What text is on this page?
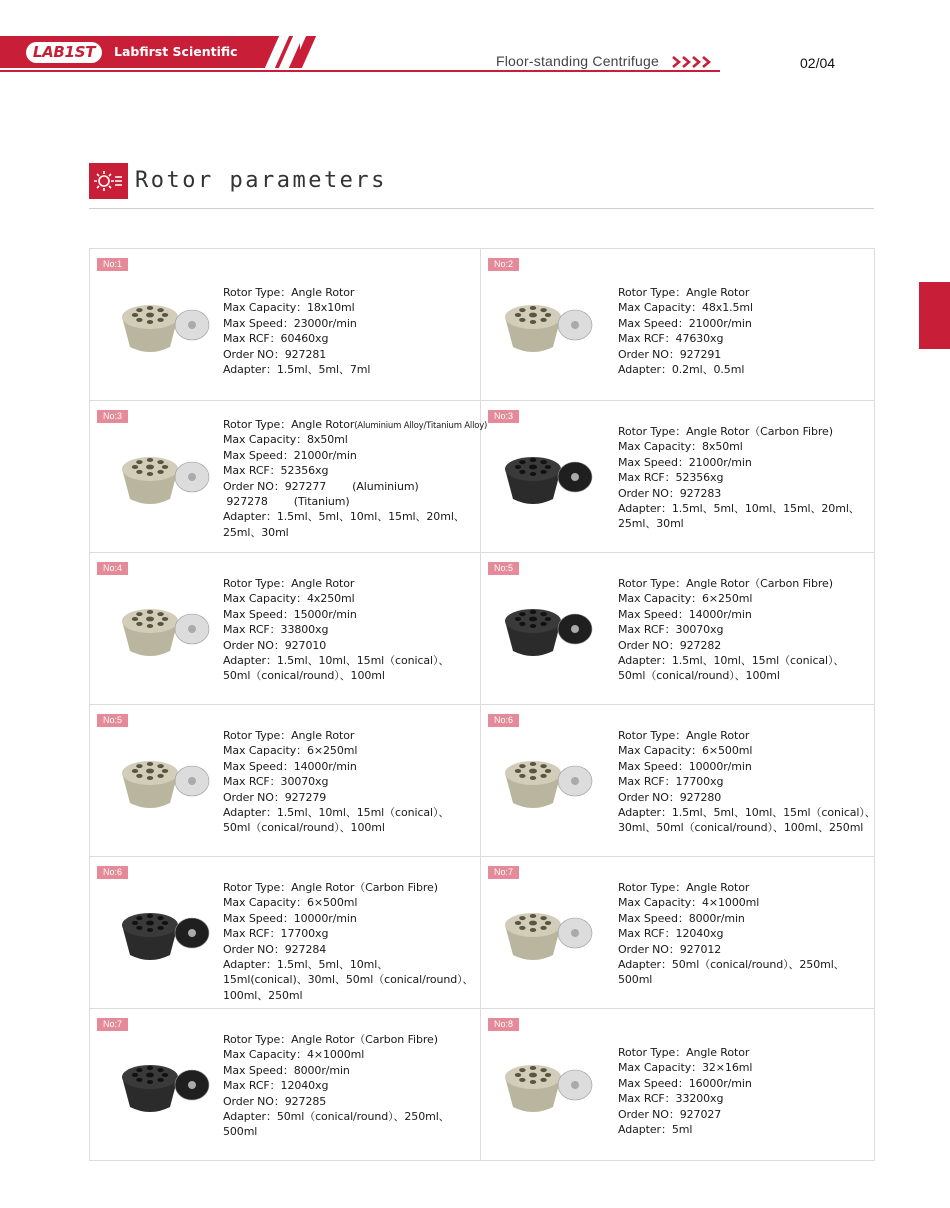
LAB1ST	Labfirst Scientific
Floor-standing Centrifuge	02/04
Rotor parameters
No:1
Rotor Type：Angle Rotor
Max Capacity：18x10ml
Max Speed：23000r/min
Max RCF：60460xg
Order NO：927281
Adapter：1.5ml、5ml、7ml
No:2
Rotor Type：Angle Rotor
Max Capacity：48x1.5ml
Max Speed：21000r/min
Max RCF：47630xg
Order NO：927291
Adapter：0.2ml、0.5ml
No:3
Rotor Type：Angle Rotor(Aluminium Alloy/Titanium Alloy)
Max Capacity：8x50ml
Max Speed：21000r/min
Max RCF：52356xg
Order NO：927277 (Aluminium)
927278 (Titanium)
Adapter：1.5ml、5ml、10ml、15ml、20ml、
25ml、30ml
No:3
Rotor Type：Angle Rotor（Carbon Fibre)
Max Capacity：8x50ml
Max Speed：21000r/min
Max RCF：52356xg
Order NO：927283
Adapter：1.5ml、5ml、10ml、15ml、20ml、
25ml、30ml
No:4
Rotor Type：Angle Rotor
Max Capacity：4x250ml
Max Speed：15000r/min
Max RCF：33800xg
Order NO：927010
Adapter：1.5ml、10ml、15ml（conical）、
50ml（conical/round）、100ml
No:5
Rotor Type：Angle Rotor（Carbon Fibre)
Max Capacity：6×250ml
Max Speed：14000r/min
Max RCF：30070xg
Order NO：927282
Adapter：1.5ml、10ml、15ml（conical）、
50ml（conical/round）、100ml
No:5
Rotor Type：Angle Rotor
Max Capacity：6×250ml
Max Speed：14000r/min
Max RCF：30070xg
Order NO：927279
Adapter：1.5ml、10ml、15ml（conical）、
50ml（conical/round）、100ml
No:6
Rotor Type：Angle Rotor
Max Capacity：6×500ml
Max Speed：10000r/min
Max RCF：17700xg
Order NO：927280
Adapter：1.5ml、5ml、10ml、15ml（conical）、
30ml、50ml（conical/round）、100ml、250ml
No:6
Rotor Type：Angle Rotor（Carbon Fibre)
Max Capacity：6×500ml
Max Speed：10000r/min
Max RCF：17700xg
Order NO：927284
Adapter：1.5ml、5ml、10ml、
15ml(conical)、30ml、50ml（conical/round）、
100ml、250ml
No:7
Rotor Type：Angle Rotor
Max Capacity：4×1000ml
Max Speed：8000r/min
Max RCF：12040xg
Order NO：927012
Adapter：50ml（conical/round）、250ml、
500ml
No:7
Rotor Type：Angle Rotor（Carbon Fibre)
Max Capacity：4×1000ml
Max Speed：8000r/min
Max RCF：12040xg
Order NO：927285
Adapter：50ml（conical/round）、250ml、
500ml
No:8
Rotor Type：Angle Rotor
Max Capacity：32×16ml
Max Speed：16000r/min
Max RCF：33200xg
Order NO：927027
Adapter：5ml
